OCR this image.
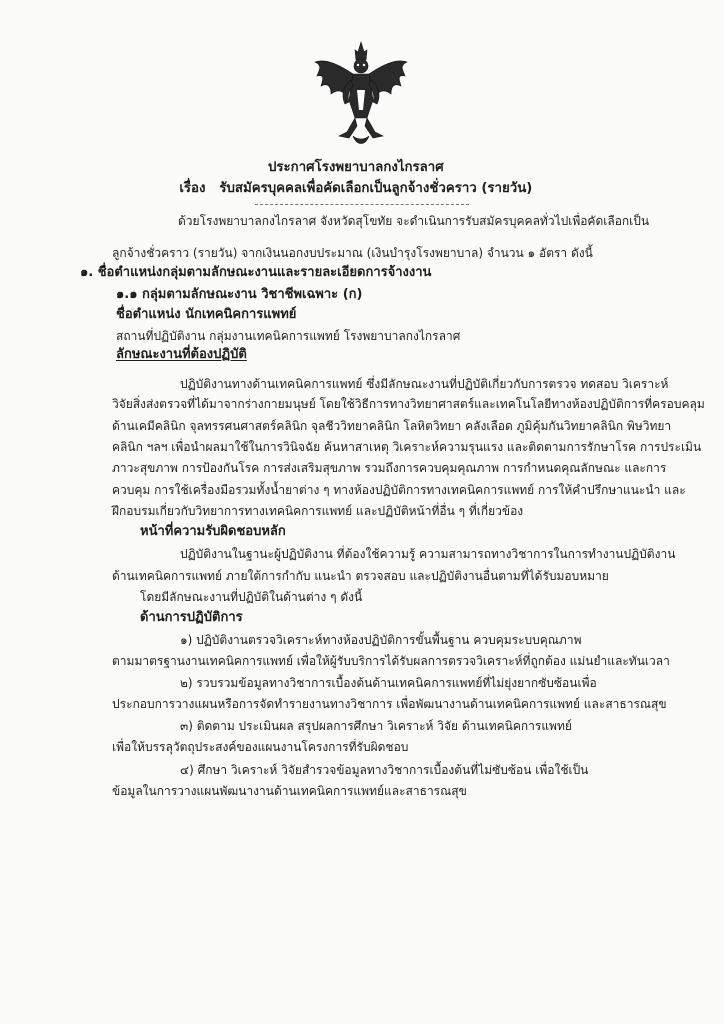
ประกาศโรงพยาบาลกงไกรลาศ
เรื่อง รับสมัครบุคคลเพื่อคัดเลือกเป็นลูกจ้างชั่วคราว (รายวัน)
ด้วยโรงพยาบาลกงไกรลาศ จังหวัดสุโขทัย จะดำเนินการรับสมัครบุคคลทั่วไปเพื่อคัดเลือกเป็น
ลูกจ้างชั่วคราว (รายวัน) จากเงินนอกงบประมาณ (เงินบำรุงโรงพยาบาล) จำนวน ๑ อัตรา ดังนี้
๑. ชื่อตำแหน่งกลุ่มตามลักษณะงานและรายละเอียดการจ้างงาน
๑.๑ กลุ่มตามลักษณะงาน วิชาชีพเฉพาะ (ก)
ชื่อตำแหน่ง นักเทคนิคการแพทย์
สถานที่ปฏิบัติงาน กลุ่มงานเทคนิคการแพทย์ โรงพยาบาลกงไกรลาศ
ลักษณะงานที่ต้องปฏิบัติ
ปฏิบัติงานทางด้านเทคนิคการแพทย์ ซึ่งมีลักษณะงานที่ปฏิบัติเกี่ยวกับการตรวจ ทดสอบ วิเคราะห์
วิจัยสิ่งส่งตรวจที่ได้มาจากร่างกายมนุษย์ โดยใช้วิธีการทางวิทยาศาสตร์และเทคโนโลยีทางห้องปฏิบัติการที่ครอบคลุม
ด้านเคมีคลินิก จุลทรรศนศาสตร์คลินิก จุลชีววิทยาคลินิก โลหิตวิทยา คลังเลือด ภูมิคุ้มกันวิทยาคลินิก พิษวิทยา
คลินิก ฯลฯ เพื่อนำผลมาใช้ในการวินิจฉัย ค้นหาสาเหตุ วิเคราะห์ความรุนแรง และติดตามการรักษาโรค การประเมิน
ภาวะสุขภาพ การป้องกันโรค การส่งเสริมสุขภาพ รวมถึงการควบคุมคุณภาพ การกำหนดคุณลักษณะ และการ
ควบคุม การใช้เครื่องมือรวมทั้งน้ำยาต่าง ๆ ทางห้องปฏิบัติการทางเทคนิคการแพทย์ การให้คำปรึกษาแนะนำ และ
ฝึกอบรมเกี่ยวกับวิทยาการทางเทคนิคการแพทย์ และปฏิบัติหน้าที่อื่น ๆ ที่เกี่ยวข้อง
หน้าที่ความรับผิดชอบหลัก
ปฏิบัติงานในฐานะผู้ปฏิบัติงาน ที่ต้องใช้ความรู้ ความสามารถทางวิชาการในการทำงานปฏิบัติงาน
ด้านเทคนิคการแพทย์ ภายใต้การกำกับ แนะนำ ตรวจสอบ และปฏิบัติงานอื่นตามที่ได้รับมอบหมาย
โดยมีลักษณะงานที่ปฏิบัติในด้านต่าง ๆ ดังนี้
ด้านการปฏิบัติการ
๑) ปฏิบัติงานตรวจวิเคราะห์ทางห้องปฏิบัติการขั้นพื้นฐาน ควบคุมระบบคุณภาพ
ตามมาตรฐานงานเทคนิคการแพทย์ เพื่อให้ผู้รับบริการได้รับผลการตรวจวิเคราะห์ที่ถูกต้อง แม่นยำและทันเวลา
๒) รวบรวมข้อมูลทางวิชาการเบื้องต้นด้านเทคนิคการแพทย์ที่ไม่ยุ่งยากซับซ้อนเพื่อ
ประกอบการวางแผนหรือการจัดทำรายงานทางวิชาการ เพื่อพัฒนางานด้านเทคนิคการแพทย์ และสาธารณสุข
๓) ติดตาม ประเมินผล สรุปผลการศึกษา วิเคราะห์ วิจัย ด้านเทคนิคการแพทย์
เพื่อให้บรรลุวัตถุประสงค์ของแผนงานโครงการที่รับผิดชอบ
๔) ศึกษา วิเคราะห์ วิจัยสำรวจข้อมูลทางวิชาการเบื้องต้นที่ไม่ซับซ้อน เพื่อใช้เป็น
ข้อมูลในการวางแผนพัฒนางานด้านเทคนิคการแพทย์และสาธารณสุข
